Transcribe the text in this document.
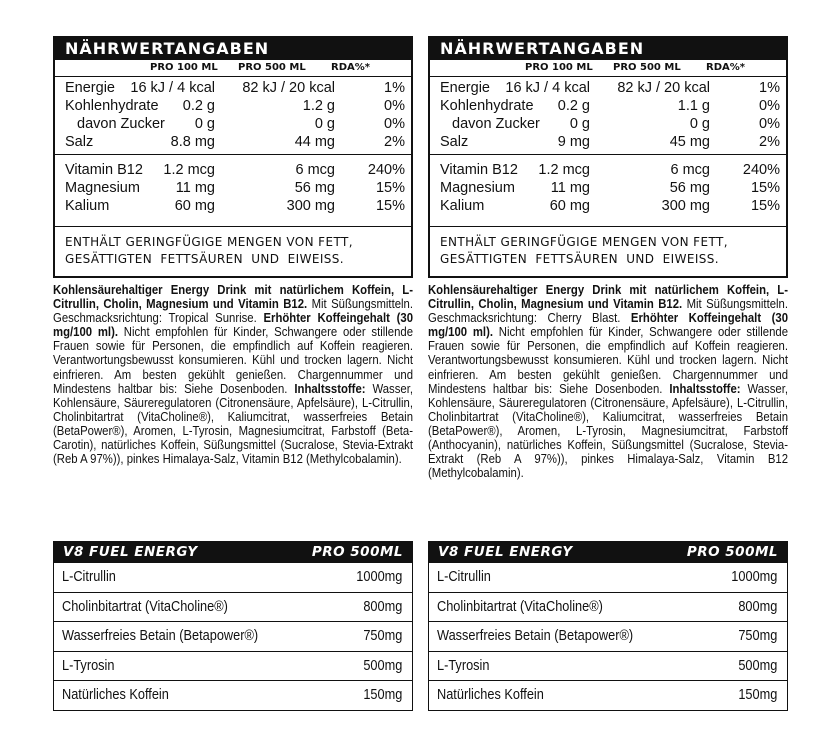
NÄHRWERTANGABEN
PRO 100 ML PRO 500 ML	RDA%*
Energie 16 kJ / 4 kcal 82 kJ / 20 kcal	1%
Kohlenhydrate 0.2 g	1.2 g	0%
davon Zucker 0 g	0 g	0%
Salz	8.8 mg	44 mg	2%
Vitamin B12 1.2 mcg	6 mcg 240%
Magnesium 11 mg	56 mg	15%
Kalium	60 mg	300 mg	15%
ENTHÄLT GERINGFÜGIGE MENGEN VON FETT,
GESÄTTIGTEN FETTSÄUREN UND EIWEISS.
NÄHRWERTANGABEN
PRO 100 ML PRO 500 ML	RDA%*
Energie 16 kJ / 4 kcal 82 kJ / 20 kcal	1%
Kohlenhydrate 0.2 g	1.1 g	0%
davon Zucker 0 g	0 g	0%
Salz	9 mg	45 mg	2%
Vitamin B12 1.2 mcg	6 mcg 240%
Magnesium 11 mg	56 mg	15%
Kalium	60 mg	300 mg	15%
ENTHÄLT GERINGFÜGIGE MENGEN VON FETT,
GESÄTTIGTEN FETTSÄUREN UND EIWEISS.

Kohlensäurehaltiger Energy Drink mit natürlichem Koffein, L-Citrullin, Cholin, Magnesium und Vitamin B12. Mit Süßungsmitteln. Geschmacksrichtung: Tropical Sunrise. Erhöhter Koffeingehalt (30 mg/100 ml). Nicht empfohlen für Kinder, Schwangere oder stillende Frauen sowie für Personen, die empfindlich auf Koffein reagieren. Verantwortungsbewusst konsumieren. Kühl und trocken lagern. Nicht einfrieren. Am besten gekühlt genießen. Chargennummer und Mindestens haltbar bis: Siehe Dosenboden. Inhaltsstoffe: Wasser, Kohlensäure, Säureregulatoren (Citronensäure, Apfelsäure), L-Citrullin, Cholinbitartrat (VitaCholine®), Kaliumcitrat, wasserfreies Betain (BetaPower®), Aromen, L-Tyrosin, Magnesiumcitrat, Farbstoff (Beta-Carotin), natürliches Koffein, Süßungsmittel (Sucralose, Stevia-Extrakt (Reb A 97%)), pinkes Himalaya-Salz, Vitamin B12 (Methylcobalamin).

Kohlensäurehaltiger Energy Drink mit natürlichem Koffein, L-Citrullin, Cholin, Magnesium und Vitamin B12. Mit Süßungsmitteln. Geschmacksrichtung: Cherry Blast. Erhöhter Koffeingehalt (30 mg/100 ml). Nicht empfohlen für Kinder, Schwangere oder stillende Frauen sowie für Personen, die empfindlich auf Koffein reagieren. Verantwortungsbewusst konsumieren. Kühl und trocken lagern. Nicht einfrieren. Am besten gekühlt genießen. Chargennummer und Mindestens haltbar bis: Siehe Dosenboden. Inhaltsstoffe: Wasser, Kohlensäure, Säureregulatoren (Citronensäure, Apfelsäure), L-Citrullin, Cholinbitartrat (VitaCholine®), Kaliumcitrat, wasserfreies Betain (BetaPower®), Aromen, L-Tyrosin, Magnesiumcitrat, Farbstoff (Anthocyanin), natürliches Koffein, Süßungsmittel (Sucralose, Stevia-Extrakt (Reb A 97%)), pinkes Himalaya-Salz, Vitamin B12 (Methylcobalamin).

V8 FUEL ENERGY	PRO 500ML
L-Citrullin	1000mg
Cholinbitartrat (VitaCholine®)	800mg
Wasserfreies Betain (Betapower®)	750mg
L-Tyrosin	500mg
Natürliches Koffein	150mg
V8 FUEL ENERGY	PRO 500ML
L-Citrullin	1000mg
Cholinbitartrat (VitaCholine®)	800mg
Wasserfreies Betain (Betapower®)	750mg
L-Tyrosin	500mg
Natürliches Koffein	150mg
